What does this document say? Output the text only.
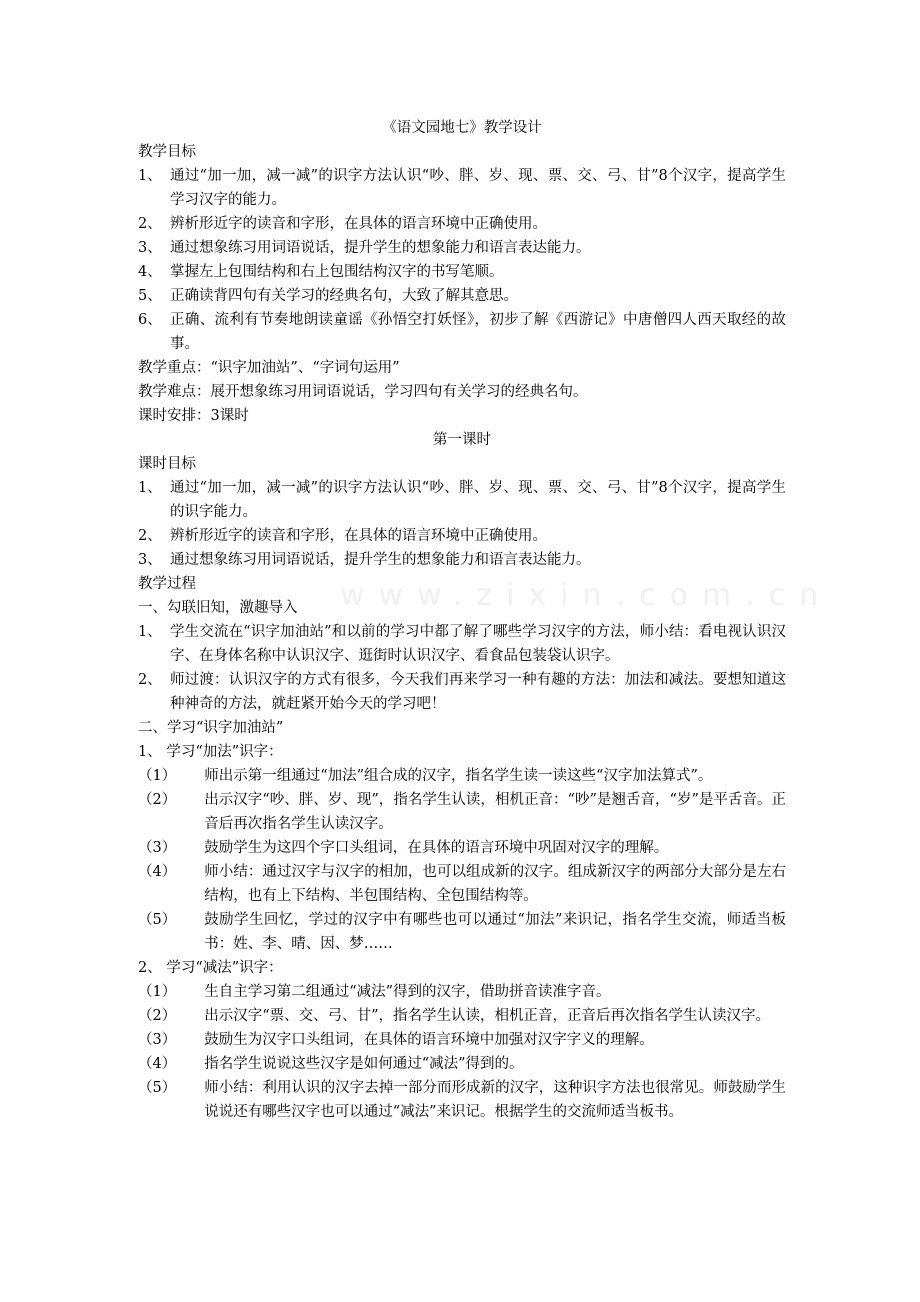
www.zixin.com.cn

《语文园地七》教学设计

教学目标

1、 通过“加一加，减一减”的识字方法认识“吵、胖、岁、现、票、交、弓、甘”8个汉字，提高学生学习汉字的能力。
2、 辨析形近字的读音和字形，在具体的语言环境中正确使用。
3、 通过想象练习用词语说话，提升学生的想象能力和语言表达能力。
4、 掌握左上包围结构和右上包围结构汉字的书写笔顺。
5、 正确读背四句有关学习的经典名句，大致了解其意思。
6、 正确、流利有节奏地朗读童谣《孙悟空打妖怪》，初步了解《西游记》中唐僧四人西天取经的故事。

教学重点：“识字加油站”、“字词句运用”

教学难点：展开想象练习用词语说话，学习四句有关学习的经典名句。

课时安排：3课时

第一课时

课时目标

1、 通过“加一加，减一减”的识字方法认识“吵、胖、岁、现、票、交、弓、甘”8个汉字，提高学生的识字能力。
2、 辨析形近字的读音和字形，在具体的语言环境中正确使用。
3、 通过想象练习用词语说话，提升学生的想象能力和语言表达能力。

教学过程

一、勾联旧知，激趣导入

1、 学生交流在“识字加油站”和以前的学习中都了解了哪些学习汉字的方法，师小结：看电视认识汉字、在身体名称中认识汉字、逛街时认识汉字、看食品包装袋认识字。
2、 师过渡：认识汉字的方式有很多，今天我们再来学习一种有趣的方法：加法和减法。要想知道这种神奇的方法，就赶紧开始今天的学习吧！

二、学习“识字加油站”

1、 学习“加法”识字：

（1）	师出示第一组通过“加法”组合成的汉字，指名学生读一读这些“汉字加法算式”。
（2）	出示汉字“吵、胖、岁、现”，指名学生认读，相机正音：“吵”是翘舌音，“岁”是平舌音。正音后再次指名学生认读汉字。
（3）	鼓励学生为这四个字口头组词，在具体的语言环境中巩固对汉字的理解。
（4）	师小结：通过汉字与汉字的相加，也可以组成新的汉字。组成新汉字的两部分大部分是左右结构，也有上下结构、半包围结构、全包围结构等。
（5）	鼓励学生回忆，学过的汉字中有哪些也可以通过“加法”来识记，指名学生交流，师适当板书：姓、李、晴、因、梦……

2、 学习“减法”识字：

（1）	生自主学习第二组通过“减法”得到的汉字，借助拼音读准字音。
（2）	出示汉字“票、交、弓、甘”，指名学生认读，相机正音，正音后再次指名学生认读汉字。
（3）	鼓励生为汉字口头组词，在具体的语言环境中加强对汉字字义的理解。
（4）	指名学生说说这些汉字是如何通过“减法”得到的。
（5）	师小结：利用认识的汉字去掉一部分而形成新的汉字，这种识字方法也很常见。师鼓励学生说说还有哪些汉字也可以通过“减法”来识记。根据学生的交流师适当板书。
